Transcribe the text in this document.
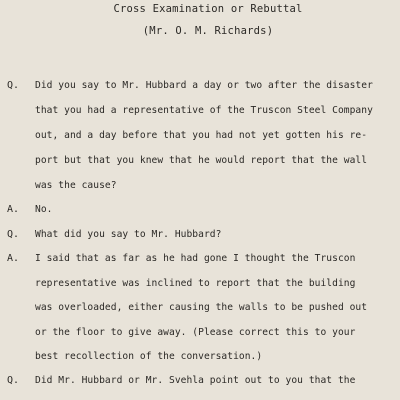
Cross Examination or Rebuttal
(Mr. O. M. Richards)
Q. Did you say to Mr. Hubbard a day or two after the disaster
that you had a representative of the Truscon Steel Company
out, and a day before that you had not yet gotten his re-
port but that you knew that he would report that the wall
was the cause?
A. No.
Q. What did you say to Mr. Hubbard?
A. I said that as far as he had gone I thought the Truscon
representative was inclined to report that the building
was overloaded, either causing the walls to be pushed out
or the floor to give away. (Please correct this to your
best recollection of the conversation.)
Q. Did Mr. Hubbard or Mr. Svehla point out to you that the
